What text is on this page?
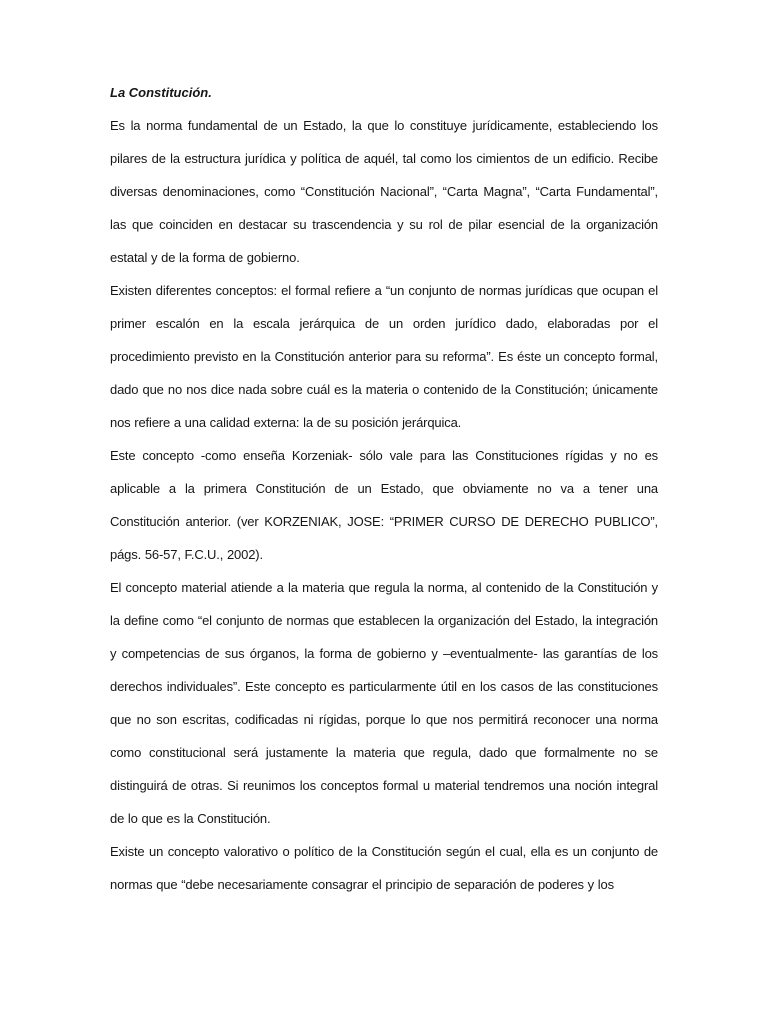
La Constitución.

Es la norma fundamental de un Estado, la que lo constituye jurídicamente, estableciendo los pilares de la estructura jurídica y política de aquél, tal como los cimientos de un edificio. Recibe diversas denominaciones, como “Constitución Nacional”, “Carta Magna”, “Carta Fundamental”, las que coinciden en destacar su trascendencia y su rol de pilar esencial de la organización estatal y de la forma de gobierno.

Existen diferentes conceptos: el formal refiere a “un conjunto de normas jurídicas que ocupan el primer escalón en la escala jerárquica de un orden jurídico dado, elaboradas por el procedimiento previsto en la Constitución anterior para su reforma”. Es éste un concepto formal, dado que no nos dice nada sobre cuál es la materia o contenido de la Constitución; únicamente nos refiere a una calidad externa: la de su posición jerárquica.

Este concepto -como enseña Korzeniak- sólo vale para las Constituciones rígidas y no es aplicable a la primera Constitución de un Estado, que obviamente no va a tener una Constitución anterior. (ver KORZENIAK, JOSE: “PRIMER CURSO DE DERECHO PUBLICO”, págs. 56-57, F.C.U., 2002).

El concepto material atiende a la materia que regula la norma, al contenido de la Constitución y la define como “el conjunto de normas que establecen la organización del Estado, la integración y competencias de sus órganos, la forma de gobierno y –eventualmente- las garantías de los derechos individuales”. Este concepto es particularmente útil en los casos de las constituciones que no son escritas, codificadas ni rígidas, porque lo que nos permitirá reconocer una norma como constitucional será justamente la materia que regula, dado que formalmente no se distinguirá de otras. Si reunimos los conceptos formal u material tendremos una noción integral de lo que es la Constitución.

Existe un concepto valorativo o político de la Constitución según el cual, ella es un conjunto de normas que “debe necesariamente consagrar el principio de separación de poderes y los
